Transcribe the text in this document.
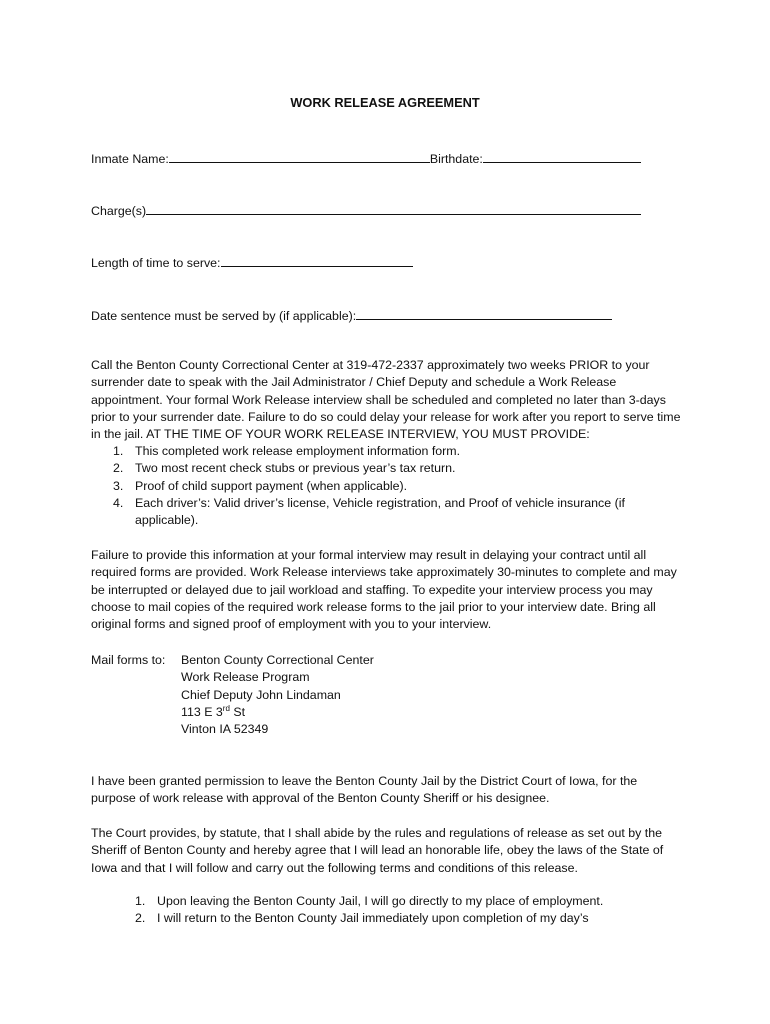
WORK RELEASE AGREEMENT
Inmate Name:	Birthdate:
Charge(s)
Length of time to serve:
Date sentence must be served by (if applicable):

Call the Benton County Correctional Center at 319-472-2337 approximately two weeks PRIOR to your surrender date to speak with the Jail Administrator / Chief Deputy and schedule a Work Release appointment. Your formal Work Release interview shall be scheduled and completed no later than 3-days prior to your surrender date. Failure to do so could delay your release for work after you report to serve time in the jail. AT THE TIME OF YOUR WORK RELEASE INTERVIEW, YOU MUST PROVIDE:

1. This completed work release employment information form.
2. Two most recent check stubs or previous year’s tax return.
3. Proof of child support payment (when applicable).
4. Each driver’s: Valid driver’s license, Vehicle registration, and Proof of vehicle insurance (if applicable).

Failure to provide this information at your formal interview may result in delaying your contract until all required forms are provided. Work Release interviews take approximately 30-minutes to complete and may be interrupted or delayed due to jail workload and staffing. To expedite your interview process you may choose to mail copies of the required work release forms to the jail prior to your interview date. Bring all original forms and signed proof of employment with you to your interview.

Mail forms to: Benton County Correctional Center
Work Release Program
Chief Deputy John Lindaman
113 E 3rd St
Vinton IA 52349

I have been granted permission to leave the Benton County Jail by the District Court of Iowa, for the purpose of work release with approval of the Benton County Sheriff or his designee.

The Court provides, by statute, that I shall abide by the rules and regulations of release as set out by the Sheriff of Benton County and hereby agree that I will lead an honorable life, obey the laws of the State of Iowa and that I will follow and carry out the following terms and conditions of this release.

1. Upon leaving the Benton County Jail, I will go directly to my place of employment.
2. I will return to the Benton County Jail immediately upon completion of my day’s
